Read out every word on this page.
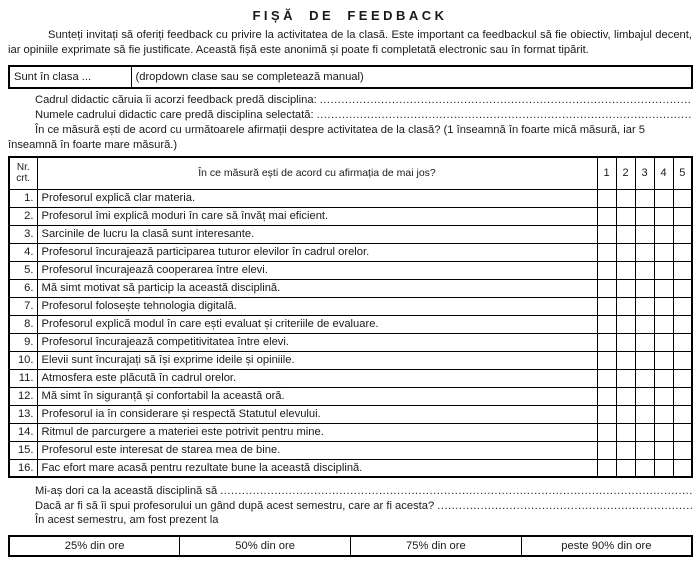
FIȘĂ DE FEEDBACK

Sunteți invitați să oferiți feedback cu privire la activitatea de la clasă. Este important ca feedbackul să fie obiectiv, limbajul decent, iar opiniile exprimate să fie justificate. Această fișă este anonimă și poate fi completată electronic sau în format tipărit.

Sunt în clasa ...	(dropdown clase sau se completează manual)
Cadrul didactic căruia îi acorzi feedback predă disciplina:
.....
Numele cadrului didactic care predă disciplina selectată:
.....

În ce măsură ești de acord cu următoarele afirmații despre activitatea de la clasă? (1 înseamnă în foarte mică măsură, iar 5 înseamnă în foarte mare măsură.)

Nr.
crt.	În ce măsură ești de acord cu afirmația de mai jos?	1	2	3	4	5
1.	Profesorul explică clar materia.					
2.	Profesorul îmi explică moduri în care să învăț mai eficient.					
3.	Sarcinile de lucru la clasă sunt interesante.					
4.	Profesorul încurajează participarea tuturor elevilor în cadrul orelor.					
5.	Profesorul încurajează cooperarea între elevi.					
6.	Mă simt motivat să particip la această disciplină.					
7.	Profesorul folosește tehnologia digitală.					
8.	Profesorul explică modul în care ești evaluat și criteriile de evaluare.					
9.	Profesorul încurajează competitivitatea între elevi.					
10.	Elevii sunt încurajați să își exprime ideile și opiniile.					
11.	Atmosfera este plăcută în cadrul orelor.					
12.	Mă simt în siguranță și confortabil la această oră.					
13.	Profesorul ia în considerare și respectă Statutul elevului.					
14.	Ritmul de parcurgere a materiei este potrivit pentru mine.					
15.	Profesorul este interesat de starea mea de bine.					
16.	Fac efort mare acasă pentru rezultate bune la această disciplină.					
Mi-aș dori ca la această disciplină să
.....
Dacă ar fi să îi spui profesorului un gând după acest semestru, care ar fi acesta?
.....
În acest semestru, am fost prezent la
25% din ore	50% din ore	75% din ore	peste 90% din ore
